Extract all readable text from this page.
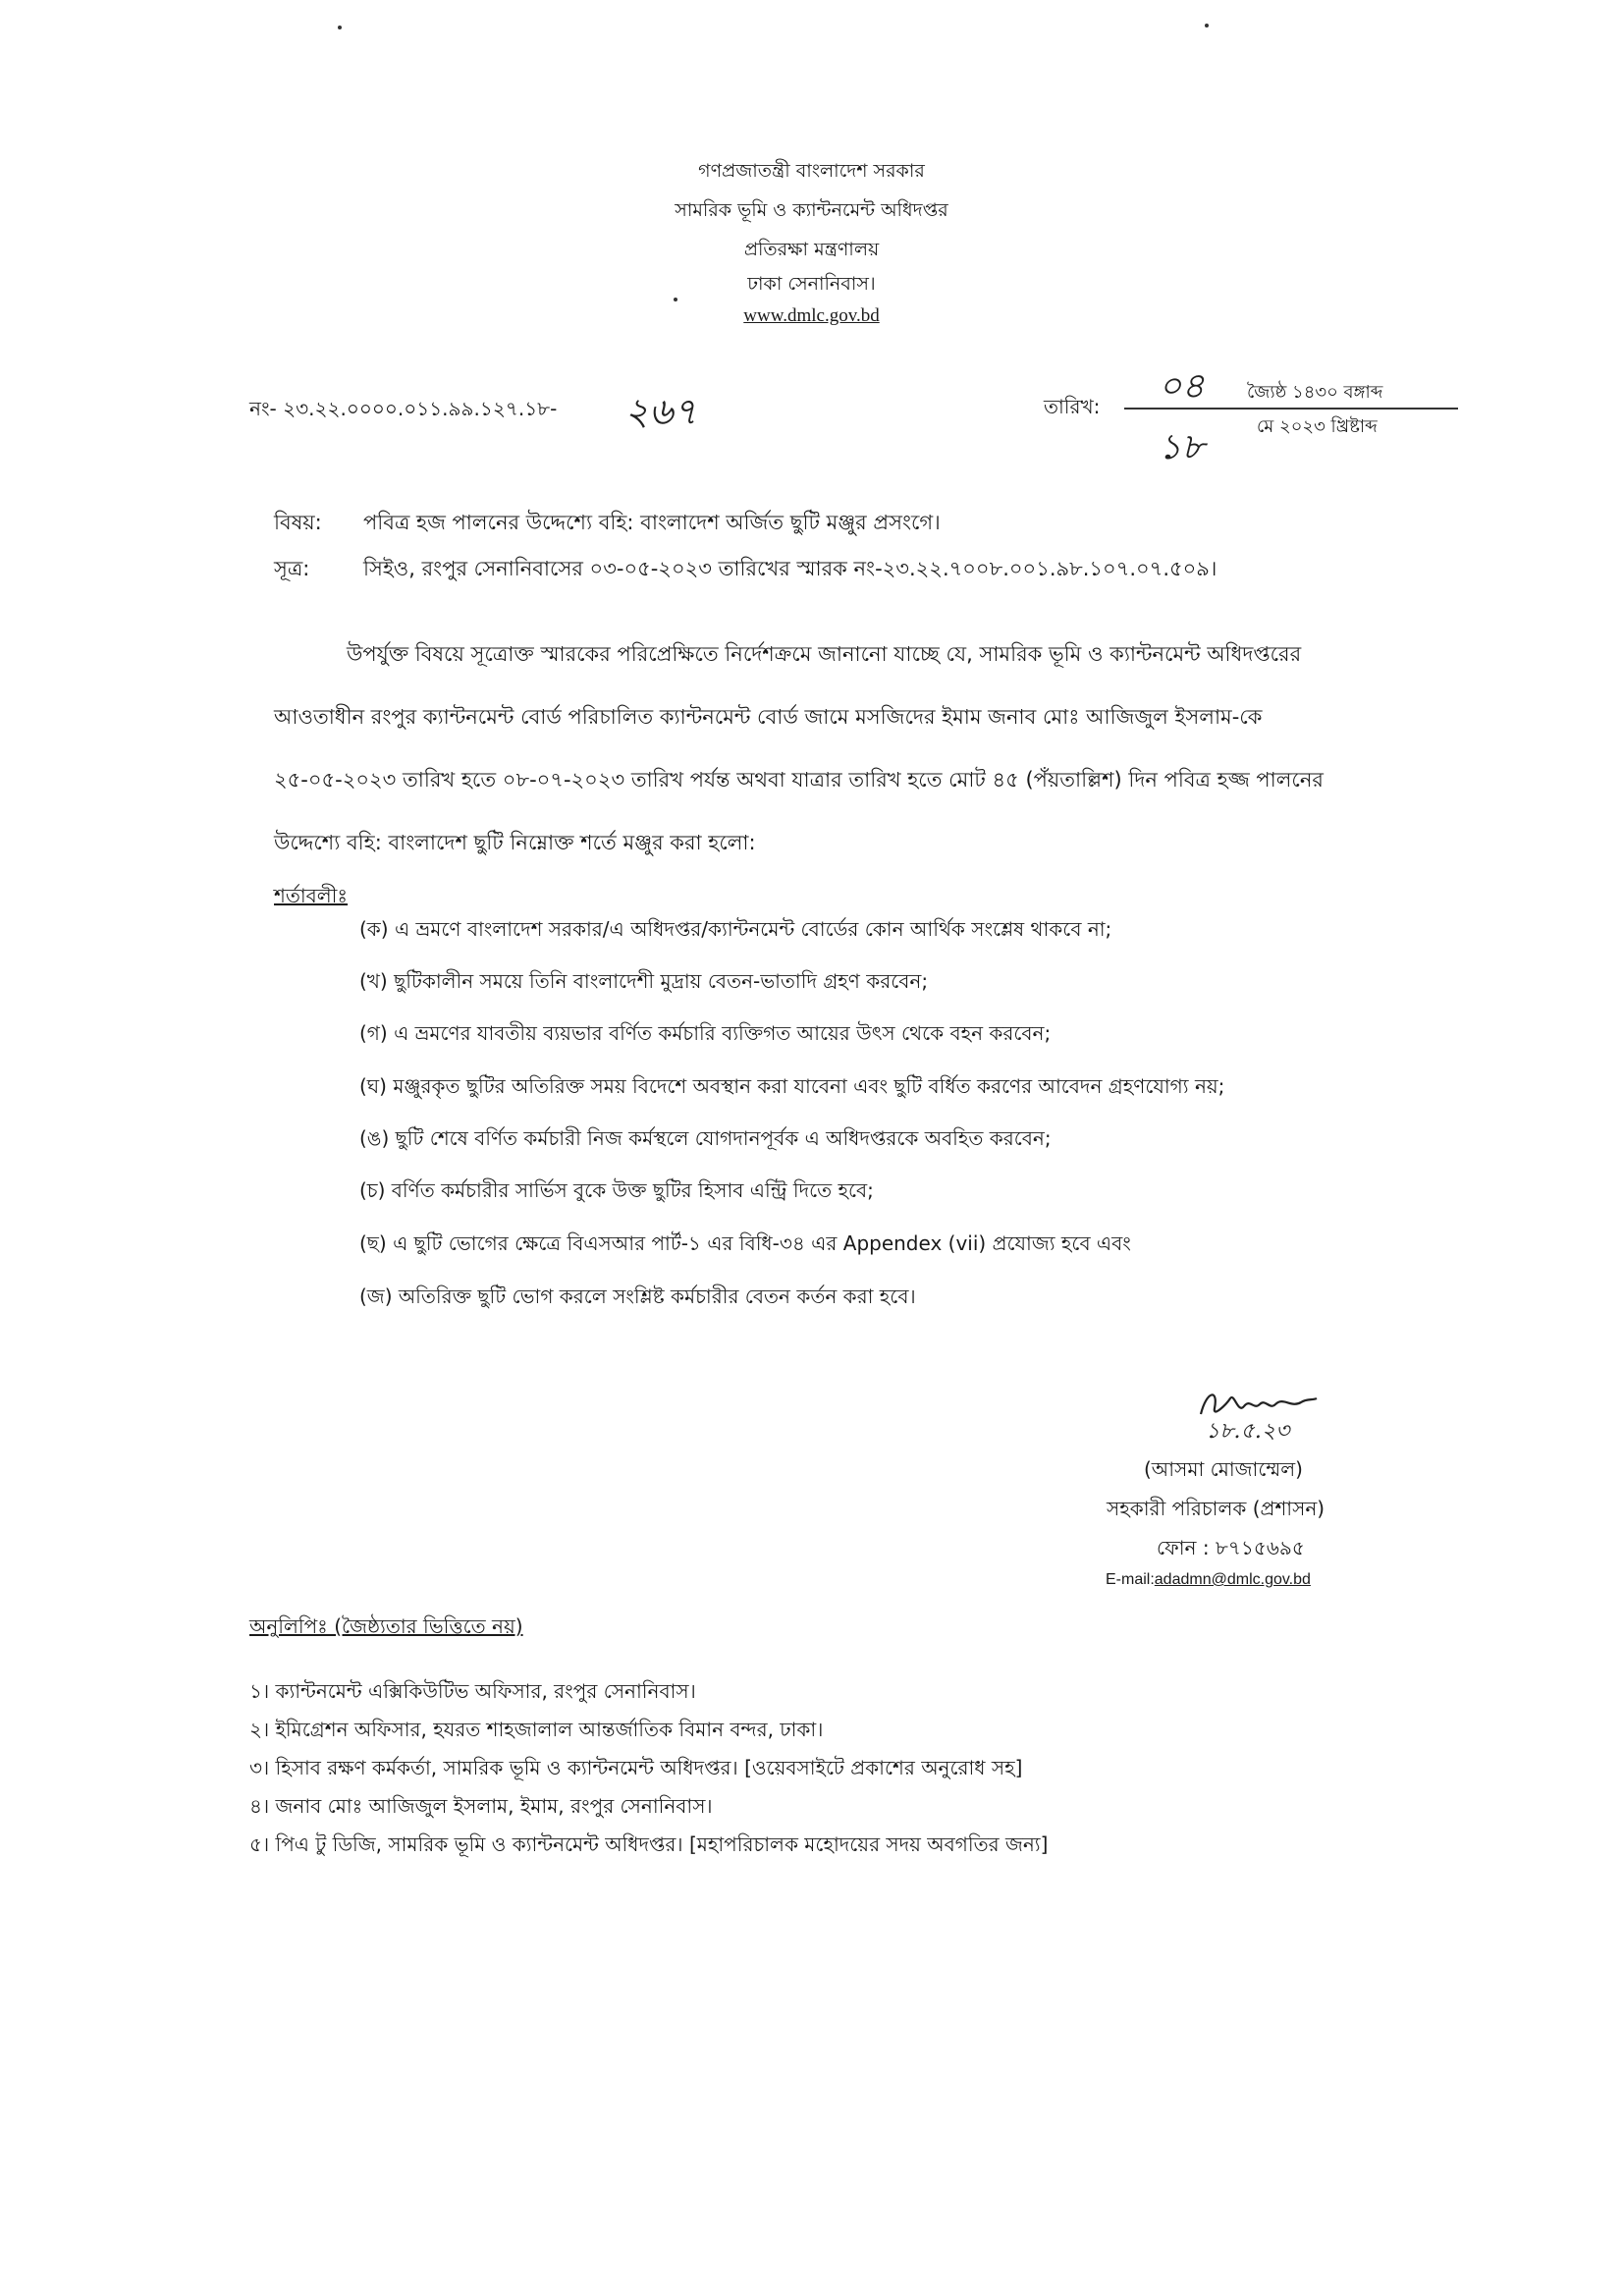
গণপ্রজাতন্ত্রী বাংলাদেশ সরকার
সামরিক ভূমি ও ক্যান্টনমেন্ট অধিদপ্তর
প্রতিরক্ষা মন্ত্রণালয়
ঢাকা সেনানিবাস।
www.dmlc.gov.bd
নং- ২৩.২২.০০০০.০১১.৯৯.১২৭.১৮- ২৬৭	তারিখ: ০৪ জ্যৈষ্ঠ ১৪৩০ বঙ্গাব্দ
১৮
মে ২০২৩ খ্রিষ্টাব্দ
বিষয়: পবিত্র হজ পালনের উদ্দেশ্যে বহি: বাংলাদেশ অর্জিত ছুটি মঞ্জুর প্রসংগে।
সূত্র:	সিইও, রংপুর সেনানিবাসের ০৩-০৫-২০২৩ তারিখের স্মারক নং-২৩.২২.৭০০৮.০০১.৯৮.১০৭.০৭.৫০৯।
উপর্যুক্ত বিষয়ে সূত্রোক্ত স্মারকের পরিপ্রেক্ষিতে নির্দেশক্রমে জানানো যাচ্ছে যে, সামরিক ভূমি ও ক্যান্টনমেন্ট অধিদপ্তরের
আওতাধীন রংপুর ক্যান্টনমেন্ট বোর্ড পরিচালিত ক্যান্টনমেন্ট বোর্ড জামে মসজিদের ইমাম জনাব মোঃ আজিজুল ইসলাম-কে
২৫-০৫-২০২৩ তারিখ হতে ০৮-০৭-২০২৩ তারিখ পর্যন্ত অথবা যাত্রার তারিখ হতে মোট ৪৫ (পঁয়তাল্লিশ) দিন পবিত্র হজ্জ পালনের
উদ্দেশ্যে বহি: বাংলাদেশ ছুটি নিম্নোক্ত শর্তে মঞ্জুর করা হলো:
শর্তাবলীঃ
(ক) এ ভ্রমণে বাংলাদেশ সরকার/এ অধিদপ্তর/ক্যান্টনমেন্ট বোর্ডের কোন আর্থিক সংশ্লেষ থাকবে না;
(খ) ছুটিকালীন সময়ে তিনি বাংলাদেশী মুদ্রায় বেতন-ভাতাদি গ্রহণ করবেন;
(গ) এ ভ্রমণের যাবতীয় ব্যয়ভার বর্ণিত কর্মচারি ব্যক্তিগত আয়ের উৎস থেকে বহন করবেন;
(ঘ) মঞ্জুরকৃত ছুটির অতিরিক্ত সময় বিদেশে অবস্থান করা যাবেনা এবং ছুটি বর্ধিত করণের আবেদন গ্রহণযোগ্য নয়;
(ঙ) ছুটি শেষে বর্ণিত কর্মচারী নিজ কর্মস্থলে যোগদানপূর্বক এ অধিদপ্তরকে অবহিত করবেন;
(চ) বর্ণিত কর্মচারীর সার্ভিস বুকে উক্ত ছুটির হিসাব এন্ট্রি দিতে হবে;
(ছ) এ ছুটি ভোগের ক্ষেত্রে বিএসআর পার্ট-১ এর বিধি-৩৪ এর Appendex (vii) প্রযোজ্য হবে এবং
(জ) অতিরিক্ত ছুটি ভোগ করলে সংশ্লিষ্ট কর্মচারীর বেতন কর্তন করা হবে।
১৮.৫.২৩
(আসমা মোজাম্মেল)
সহকারী পরিচালক (প্রশাসন)
ফোন : ৮৭১৫৬৯৫
E-mail:adadmn@dmlc.gov.bd
অনুলিপিঃ (জৈষ্ঠ্যতার ভিত্তিতে নয়)
১। ক্যান্টনমেন্ট এক্সিকিউটিভ অফিসার, রংপুর সেনানিবাস।
২। ইমিগ্রেশন অফিসার, হযরত শাহজালাল আন্তর্জাতিক বিমান বন্দর, ঢাকা।
৩। হিসাব রক্ষণ কর্মকর্তা, সামরিক ভূমি ও ক্যান্টনমেন্ট অধিদপ্তর। [ওয়েবসাইটে প্রকাশের অনুরোধ সহ]
৪। জনাব মোঃ আজিজুল ইসলাম, ইমাম, রংপুর সেনানিবাস।
৫। পিএ টু ডিজি, সামরিক ভূমি ও ক্যান্টনমেন্ট অধিদপ্তর। [মহাপরিচালক মহোদয়ের সদয় অবগতির জন্য]
